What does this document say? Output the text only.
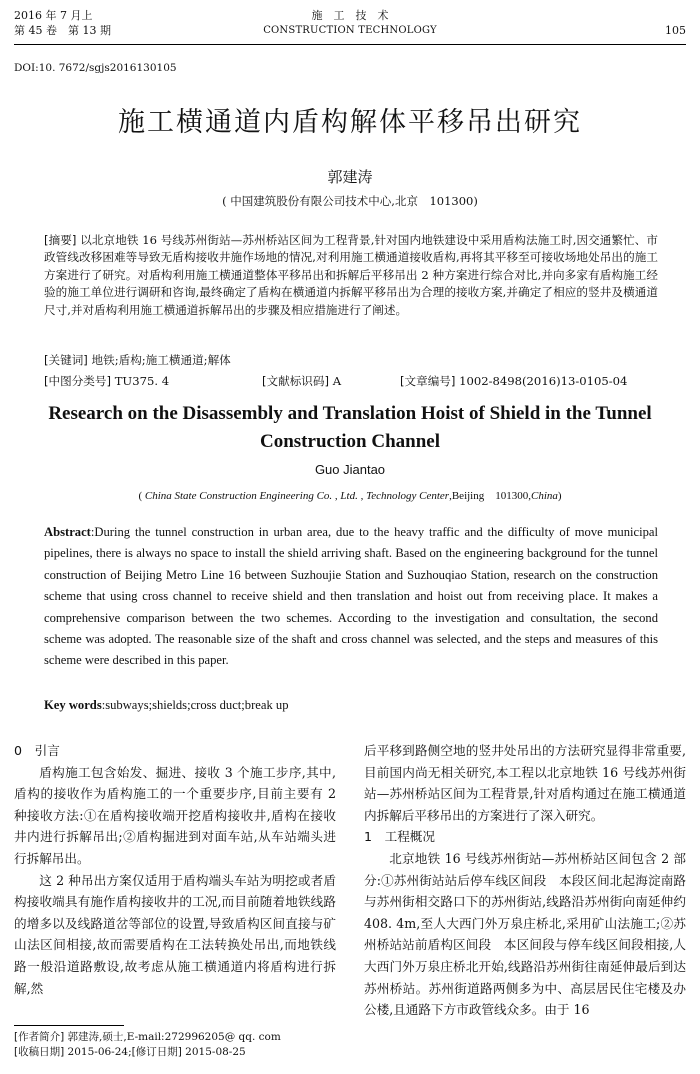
2016 年 7 月上
第 45 卷　第 13 期
施　工　技　术
CONSTRUCTION TECHNOLOGY	105
DOI:10. 7672/sgjs2016130105
施工横通道内盾构解体平移吊出研究
郭建涛
( 中国建筑股份有限公司技术中心,北京　101300)
[摘要] 以北京地铁 16 号线苏州街站—苏州桥站区间为工程背景,针对国内地铁建设中采用盾构法施工时,因交通繁忙、市政管线改移困难等导致无盾构接收井施作场地的情况,对利用施工横通道接收盾构,再将其平移至可接收场地处吊出的施工方案进行了研究。对盾构利用施工横通道整体平移吊出和拆解后平移吊出 2 种方案进行综合对比,并向多家有盾构施工经验的施工单位进行调研和咨询,最终确定了盾构在横通道内拆解平移吊出为合理的接收方案,并确定了相应的竖井及横通道尺寸,并对盾构利用施工横通道拆解吊出的步骤及相应措施进行了阐述。
[关键词] 地铁;盾构;施工横通道;解体
[中图分类号] TU375. 4	[文献标识码] A	[文章编号] 1002-8498(2016)13-0105-04
Research on the Disassembly and Translation Hoist of Shield in the Tunnel Construction Channel
Guo Jiantao
( China State Construction Engineering Co. , Ltd. , Technology Center,Beijing　101300,China)
Abstract:During the tunnel construction in urban area, due to the heavy traffic and the difficulty of move municipal pipelines, there is always no space to install the shield arriving shaft. Based on the engineering background for the tunnel construction of Beijing Metro Line 16 between Suzhoujie Station and Suzhouqiao Station, research on the construction scheme that using cross channel to receive shield and then translation and hoist out from receiving place. It makes a comprehensive comparison between the two schemes. According to the investigation and consultation, the second scheme was adopted. The reasonable size of the shaft and cross channel was selected, and the steps and measures of this scheme were described in this paper.
Key words:subways;shields;cross duct;break up
0　引言

盾构施工包含始发、掘进、接收 3 个施工步序,其中,盾构的接收作为盾构施工的一个重要步序,目前主要有 2 种接收方法:①在盾构接收端开挖盾构接收井,盾构在接收井内进行拆解吊出;②盾构掘进到对面车站,从车站端头进行拆解吊出。

这 2 种吊出方案仅适用于盾构端头车站为明挖或者盾构接收端具有施作盾构接收井的工况,而目前随着地铁线路的增多以及线路道岔等部位的设置,导致盾构区间直接与矿山法区间相接,故而需要盾构在工法转换处吊出,而地铁线路一般沿道路敷设,故考虑从施工横通道内将盾构进行拆解,然

后平移到路侧空地的竖井处吊出的方法研究显得非常重要,目前国内尚无相关研究,本工程以北京地铁 16 号线苏州街站—苏州桥站区间为工程背景,针对盾构通过在施工横通道内拆解后平移吊出的方案进行了深入研究。

1　工程概况

北京地铁 16 号线苏州街站—苏州桥站区间包含 2 部分:①苏州街站站后停车线区间段　本段区间北起海淀南路与苏州街相交路口下的苏州街站,线路沿苏州街向南延伸约 408. 4m,至人大西门外万泉庄桥北,采用矿山法施工;②苏州桥站站前盾构区间段　本区间段与停车线区间段相接,人大西门外万泉庄桥北开始,线路沿苏州街往南延伸最后到达苏州桥站。苏州街道路两侧多为中、高层居民住宅楼及办公楼,且通路下方市政管线众多。由于 16

[作者简介] 郭建涛,硕士,E-mail:272996205@ qq. com
[收稿日期] 2015-06-24;[修订日期] 2015-08-25
